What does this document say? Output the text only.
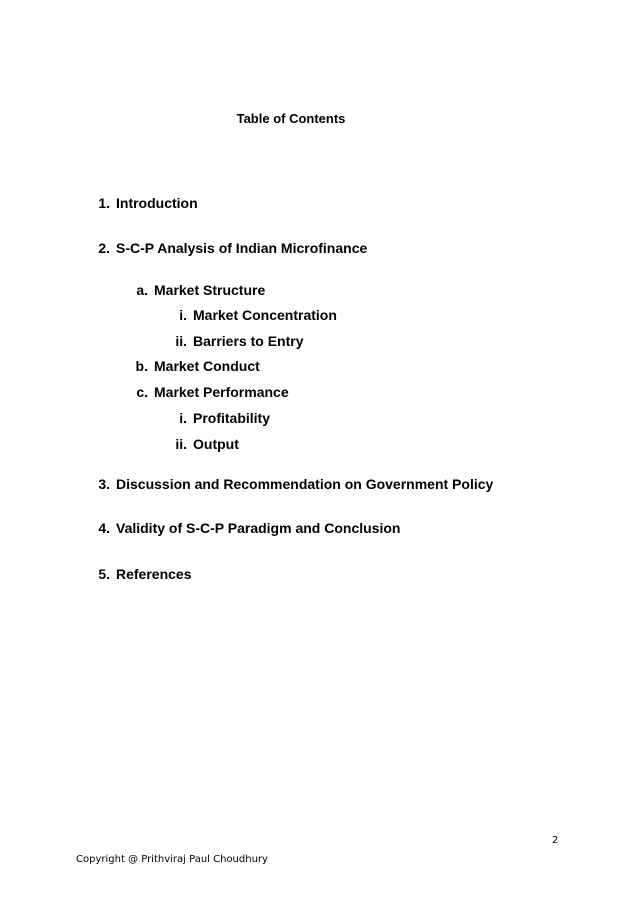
Table of Contents
1. Introduction
2. S-C-P Analysis of Indian Microfinance
a. Market Structure
i. Market Concentration
ii. Barriers to Entry
b. Market Conduct
c. Market Performance
i. Profitability
ii. Output
3. Discussion and Recommendation on Government Policy
4. Validity of S-C-P Paradigm and Conclusion
5. References
2
Copyright @ Prithviraj Paul Choudhury
